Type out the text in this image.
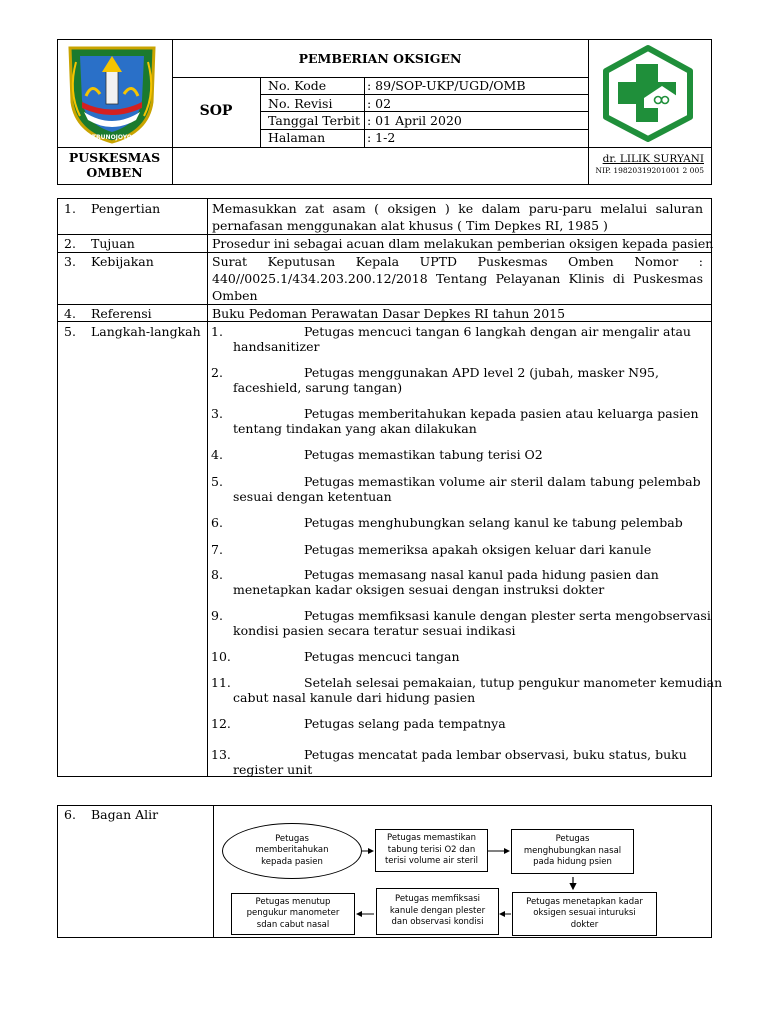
TRUNOJOYO
PEMBERIAN OKSIGEN
SOP
PUSKESMAS
OMBEN
No. Kode	: 89/SOP-UKP/UGD/OMB
No. Revisi	: 02
Tanggal Terbit : 01 April 2020
Halaman	: 1-2
dr. LILIK SURYANI
NIP. 19820319201001 2 005
1. Pengertian	Memasukkan zat asam ( oksigen ) ke dalam paru-paru melalui saluran
pernafasan menggunakan alat khusus ( Tim Depkes RI, 1985 )
2. Tujuan	Prosedur ini sebagai acuan dlam melakukan pemberian oksigen kepada pasien
3. Kebijakan	Surat Keputusan Kepala UPTD Puskesmas Omben Nomor :
440//0025.1/434.203.200.12/2018 Tentang Pelayanan Klinis di Puskesmas
Omben
4. Referensi	Buku Pedoman Perawatan Dasar Depkes RI tahun 2015
5. Langkah-langkah 1.	Petugas mencuci tangan 6 langkah dengan air mengalir atau
handsanitizer
2.	Petugas menggunakan APD level 2 (jubah, masker N95,
faceshield, sarung tangan)
3.	Petugas memberitahukan kepada pasien atau keluarga pasien
tentang tindakan yang akan dilakukan
4.	Petugas memastikan tabung terisi O2
5.	Petugas memastikan volume air steril dalam tabung pelembab
sesuai dengan ketentuan
6.	Petugas menghubungkan selang kanul ke tabung pelembab
7.	Petugas memeriksa apakah oksigen keluar dari kanule
8.	Petugas memasang nasal kanul pada hidung pasien dan
menetapkan kadar oksigen sesuai dengan instruksi dokter
9.	Petugas memfiksasi kanule dengan plester serta mengobservasi
kondisi pasien secara teratur sesuai indikasi
10.	Petugas mencuci tangan
11.	Setelah selesai pemakaian, tutup pengukur manometer kemudian
cabut nasal kanule dari hidung pasien
12.	Petugas selang pada tempatnya
13.	Petugas mencatat pada lembar observasi, buku status, buku
register unit
6. Bagan Alir
Petugas
memberitahukan
kepada pasien
Petugas memastikan
tabung terisi O2 dan
terisi volume air steril
Petugas
menghubungkan nasal
pada hidung psien
Petugas menetapkan kadar
oksigen sesuai inturuksi
dokter
Petugas memfiksasi
kanule dengan plester
dan observasi kondisi
Petugas menutup
pengukur manometer
sdan cabut nasal
